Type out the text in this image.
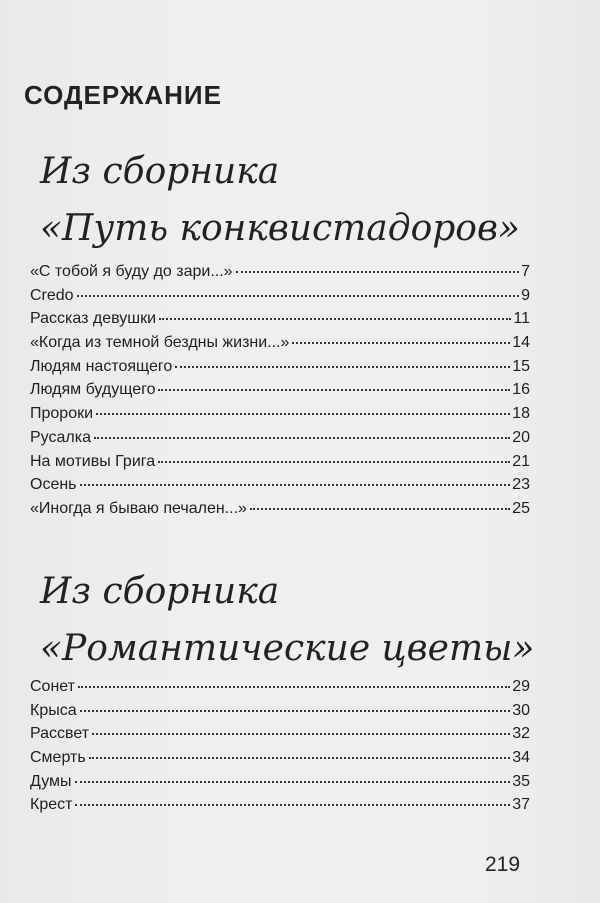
СОДЕРЖАНИЕ
Из сборника
«Путь конквистадоров»
«С тобой я буду до зари...»	7
Credo	9
Рассказ девушки	11
«Когда из темной бездны жизни...»	14
Людям настоящего	15
Людям будущего	16
Пророки	18
Русалка	20
На мотивы Грига	21
Осень	23
«Иногда я бываю печален...»	25
Из сборника
«Романтические цветы»
Сонет	29
Крыса	30
Рассвет	32
Смерть	34
Думы	35
Крест	37
219
